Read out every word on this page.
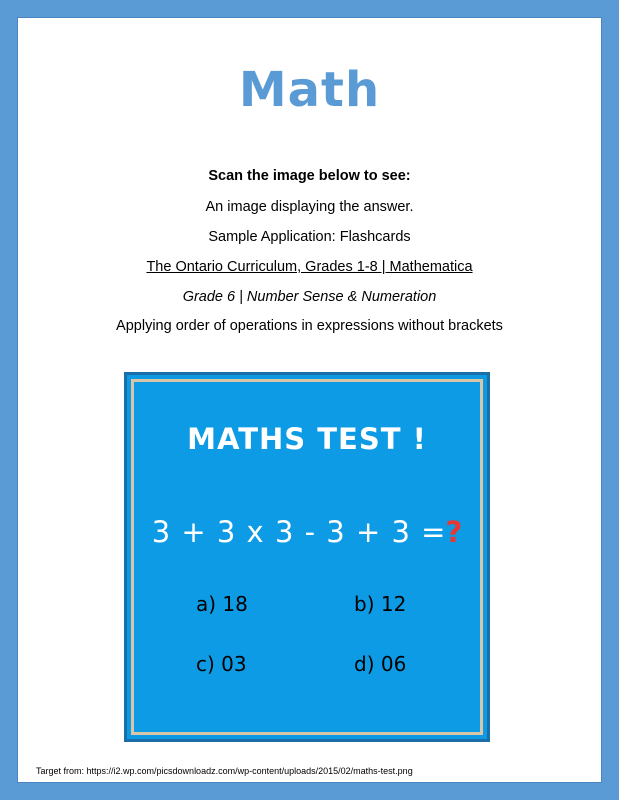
Math
Scan the image below to see:
An image displaying the answer.
Sample Application: Flashcards
The Ontario Curriculum, Grades 1-8 | Mathematica
Grade 6 | Number Sense & Numeration
Applying order of operations in expressions without brackets
MATHS TEST !
3 + 3 x 3 - 3 + 3 =?
a) 18	b) 12
c) 03	d) 06
Target from: https://i2.wp.com/picsdownloadz.com/wp-content/uploads/2015/02/maths-test.png
